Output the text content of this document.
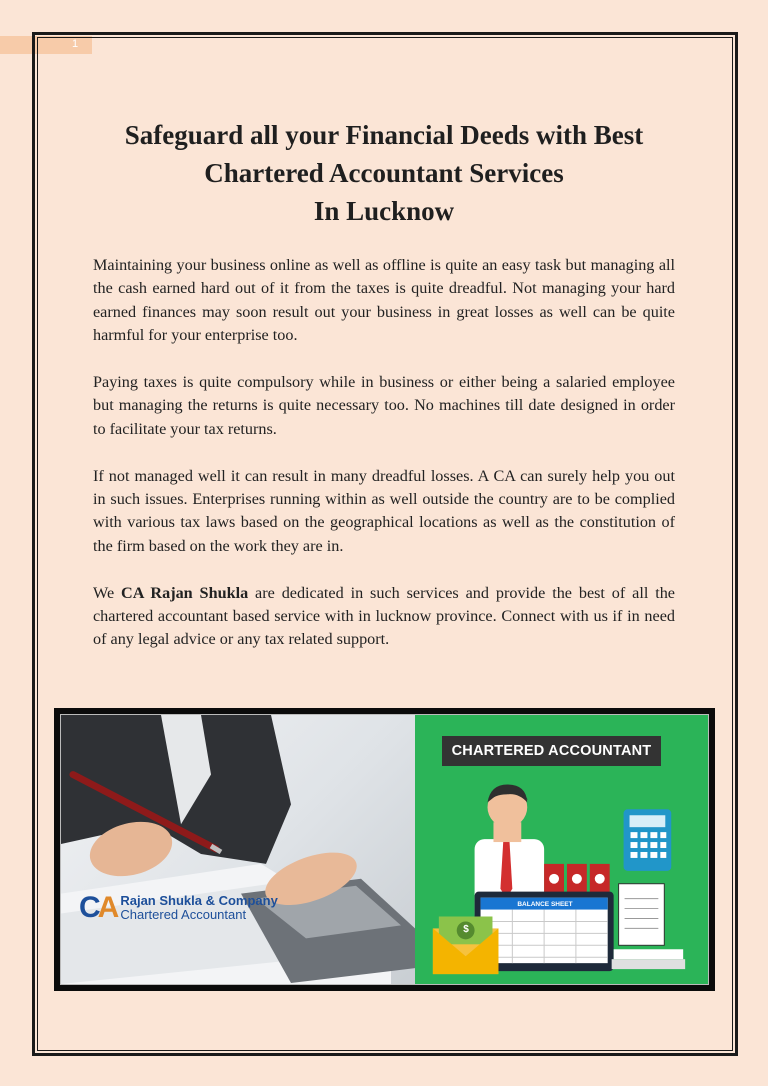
1
Safeguard all your Financial Deeds with Best
Chartered Accountant Services
In Lucknow

Maintaining your business online as well as offline is quite an easy task but managing all the cash earned hard out of it from the taxes is quite dreadful. Not managing your hard earned finances may soon result out your business in great losses as well can be quite harmful for your enterprise too.

Paying taxes is quite compulsory while in business or either being a salaried employee but managing the returns is quite necessary too. No machines till date designed in order to facilitate your tax returns.

If not managed well it can result in many dreadful losses. A CA can surely help you out in such issues. Enterprises running within as well outside the country are to be complied with various tax laws based on the geographical locations as well as the constitution of the firm based on the work they are in.

We CA Rajan Shukla are dedicated in such services and provide the best of all the chartered accountant based service with in lucknow province. Connect with us if in need of any legal advice or any tax related support.

CA Rajan Shukla & Company
Chartered Accountant
CHARTERED ACCOUNTANT
BALANCE SHEET
$
